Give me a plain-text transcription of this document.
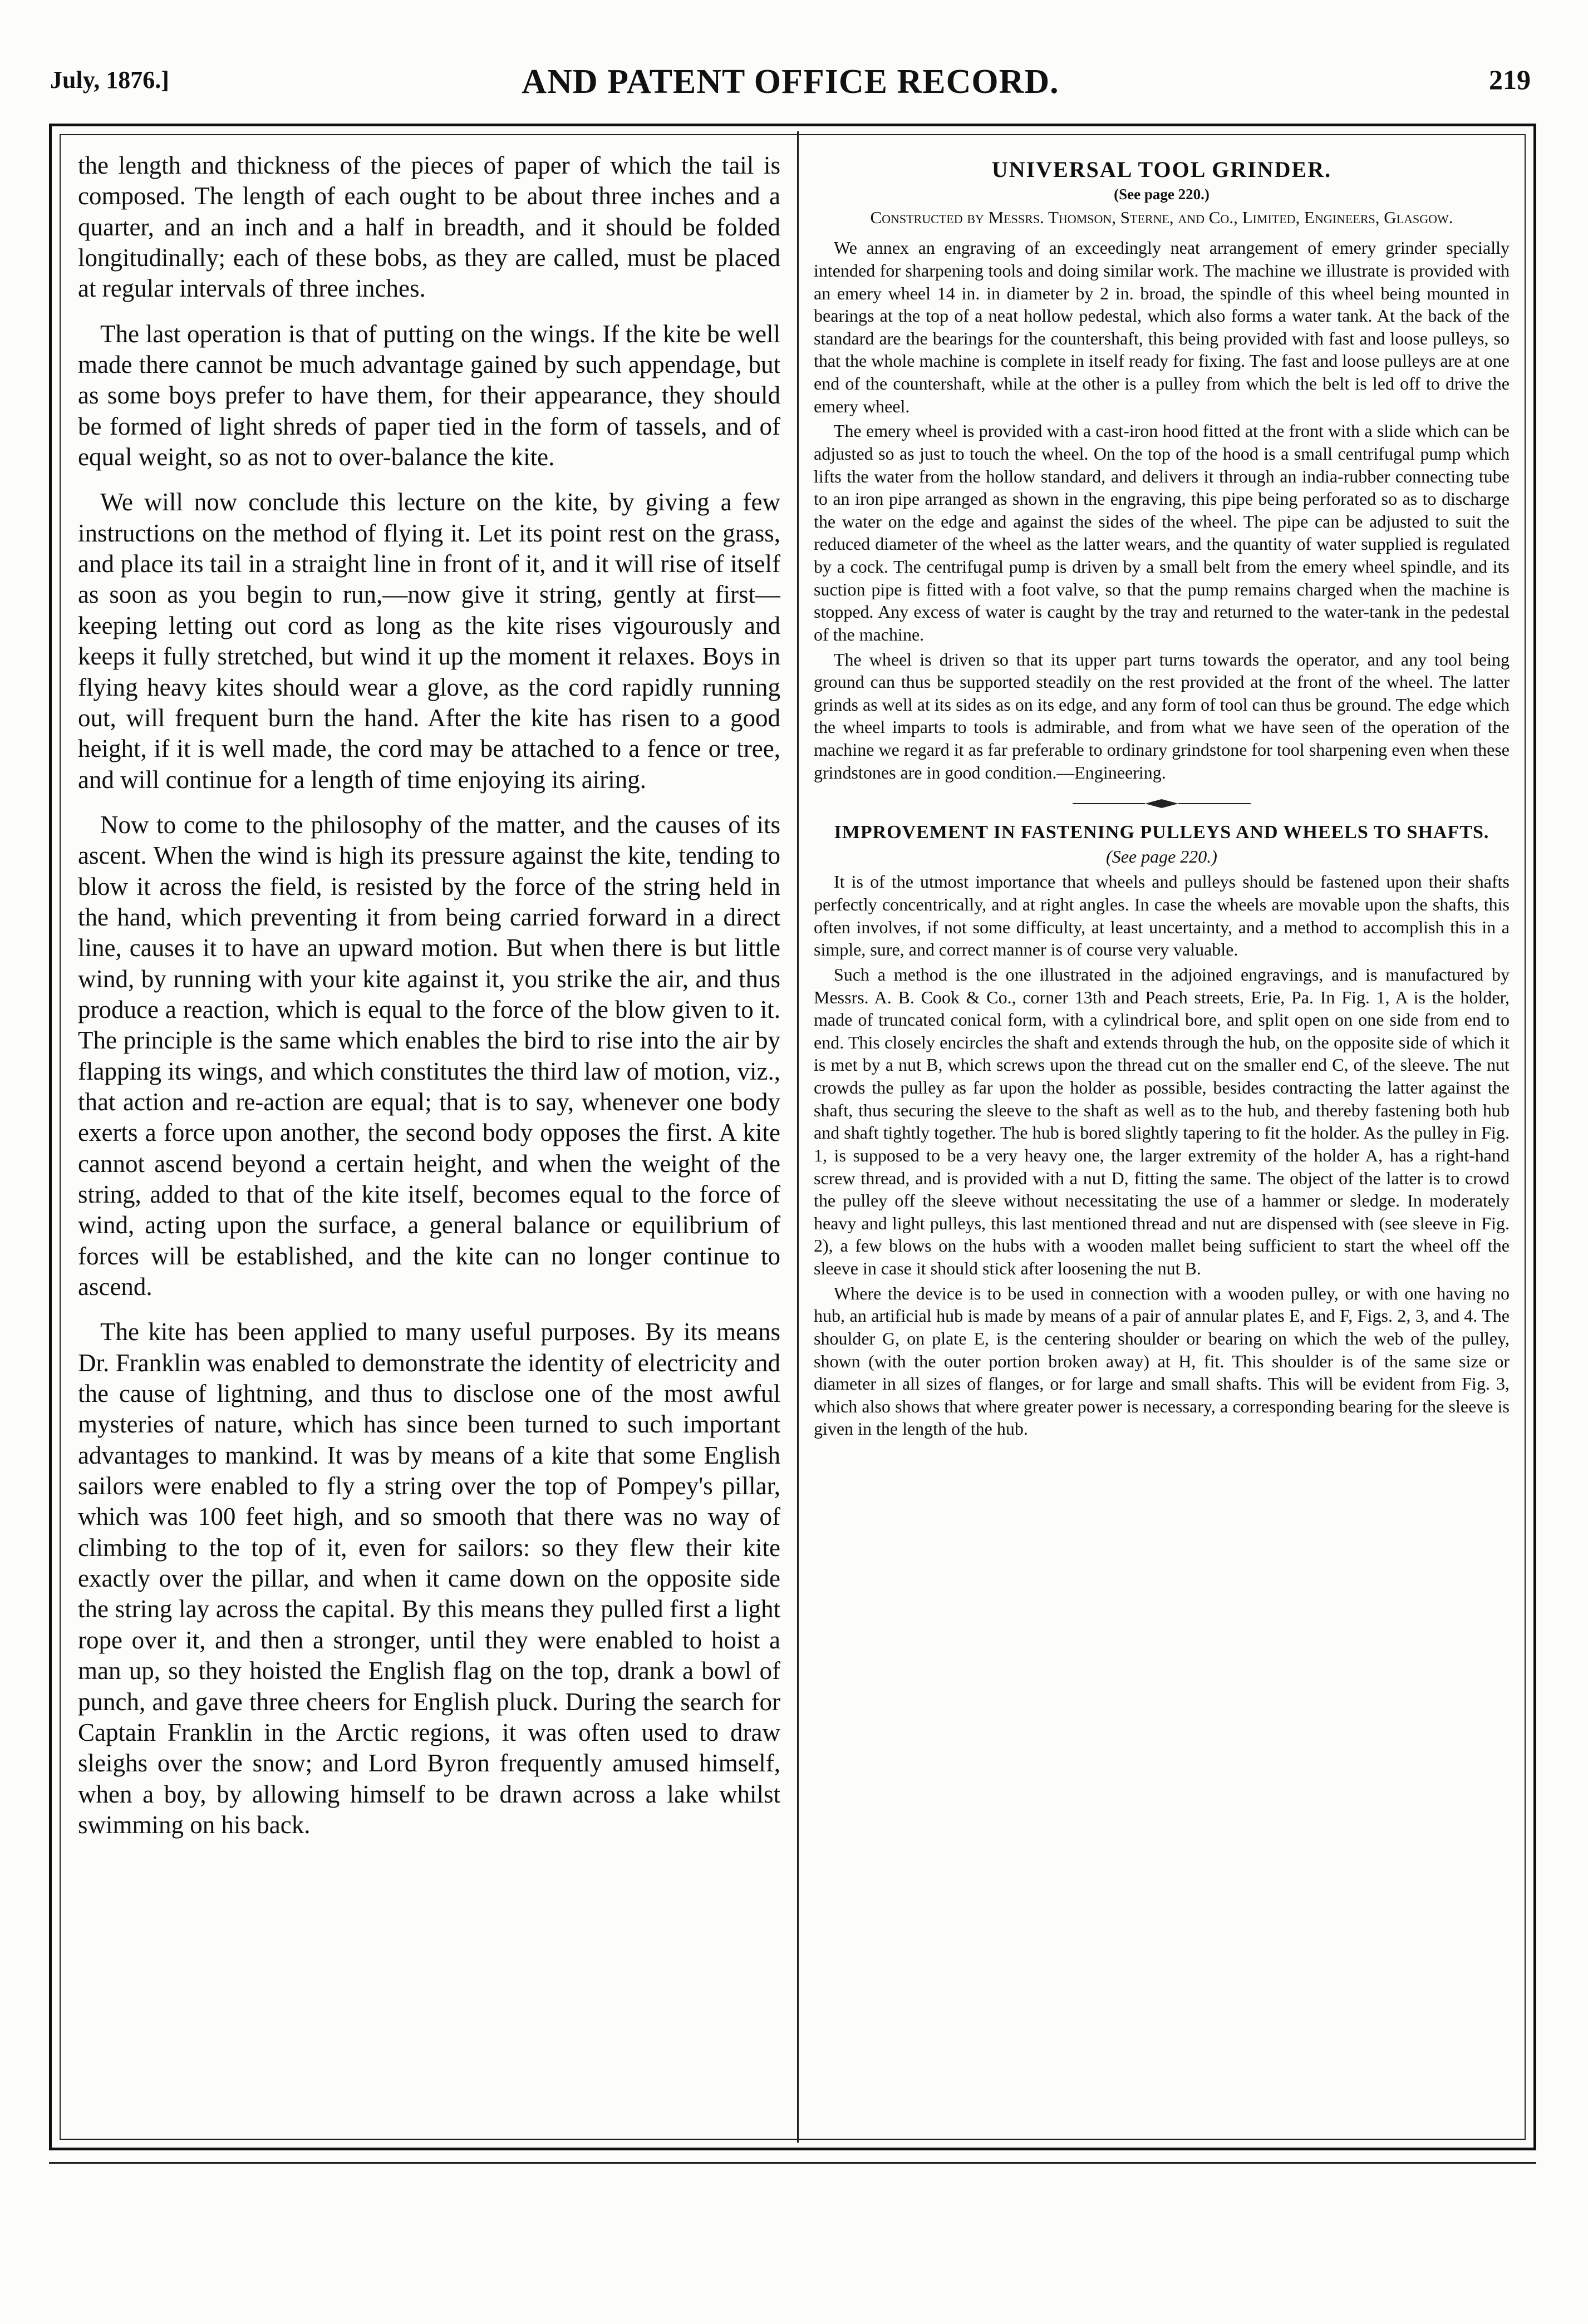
July, 1876.]	AND PATENT OFFICE RECORD.	219

the length and thickness of the pieces of paper of which the tail is composed. The length of each ought to be about three inches and a quarter, and an inch and a half in breadth, and it should be folded longitudinally; each of these bobs, as they are called, must be placed at regular intervals of three inches.

The last operation is that of putting on the wings. If the kite be well made there cannot be much advantage gained by such appendage, but as some boys prefer to have them, for their appearance, they should be formed of light shreds of paper tied in the form of tassels, and of equal weight, so as not to over-balance the kite.

We will now conclude this lecture on the kite, by giving a few instructions on the method of flying it. Let its point rest on the grass, and place its tail in a straight line in front of it, and it will rise of itself as soon as you begin to run,—now give it string, gently at first—keeping letting out cord as long as the kite rises vigourously and keeps it fully stretched, but wind it up the moment it relaxes. Boys in flying heavy kites should wear a glove, as the cord rapidly running out, will frequent burn the hand. After the kite has risen to a good height, if it is well made, the cord may be attached to a fence or tree, and will continue for a length of time enjoying its airing.

Now to come to the philosophy of the matter, and the causes of its ascent. When the wind is high its pressure against the kite, tending to blow it across the field, is resisted by the force of the string held in the hand, which preventing it from being carried forward in a direct line, causes it to have an upward motion. But when there is but little wind, by running with your kite against it, you strike the air, and thus produce a reaction, which is equal to the force of the blow given to it. The principle is the same which enables the bird to rise into the air by flapping its wings, and which constitutes the third law of motion, viz., that action and re-action are equal; that is to say, whenever one body exerts a force upon another, the second body opposes the first. A kite cannot ascend beyond a certain height, and when the weight of the string, added to that of the kite itself, becomes equal to the force of wind, acting upon the surface, a general balance or equilibrium of forces will be established, and the kite can no longer continue to ascend.

The kite has been applied to many useful purposes. By its means Dr. Franklin was enabled to demonstrate the identity of electricity and the cause of lightning, and thus to disclose one of the most awful mysteries of nature, which has since been turned to such important advantages to mankind. It was by means of a kite that some English sailors were enabled to fly a string over the top of Pompey's pillar, which was 100 feet high, and so smooth that there was no way of climbing to the top of it, even for sailors: so they flew their kite exactly over the pillar, and when it came down on the opposite side the string lay across the capital. By this means they pulled first a light rope over it, and then a stronger, until they were enabled to hoist a man up, so they hoisted the English flag on the top, drank a bowl of punch, and gave three cheers for English pluck. During the search for Captain Franklin in the Arctic regions, it was often used to draw sleighs over the snow; and Lord Byron frequently amused himself, when a boy, by allowing himself to be drawn across a lake whilst swimming on his back.

UNIVERSAL TOOL GRINDER.
(See page 220.)
Constructed by Messrs. Thomson, Sterne, and Co., Limited, Engineers, Glasgow.

We annex an engraving of an exceedingly neat arrangement of emery grinder specially intended for sharpening tools and doing similar work. The machine we illustrate is provided with an emery wheel 14 in. in diameter by 2 in. broad, the spindle of this wheel being mounted in bearings at the top of a neat hollow pedestal, which also forms a water tank. At the back of the standard are the bearings for the countershaft, this being provided with fast and loose pulleys, so that the whole machine is complete in itself ready for fixing. The fast and loose pulleys are at one end of the countershaft, while at the other is a pulley from which the belt is led off to drive the emery wheel.

The emery wheel is provided with a cast-iron hood fitted at the front with a slide which can be adjusted so as just to touch the wheel. On the top of the hood is a small centrifugal pump which lifts the water from the hollow standard, and delivers it through an india-rubber connecting tube to an iron pipe arranged as shown in the engraving, this pipe being perforated so as to discharge the water on the edge and against the sides of the wheel. The pipe can be adjusted to suit the reduced diameter of the wheel as the latter wears, and the quantity of water supplied is regulated by a cock. The centrifugal pump is driven by a small belt from the emery wheel spindle, and its suction pipe is fitted with a foot valve, so that the pump remains charged when the machine is stopped. Any excess of water is caught by the tray and returned to the water-tank in the pedestal of the machine.

The wheel is driven so that its upper part turns towards the operator, and any tool being ground can thus be supported steadily on the rest provided at the front of the wheel. The latter grinds as well at its sides as on its edge, and any form of tool can thus be ground. The edge which the wheel imparts to tools is admirable, and from what we have seen of the operation of the machine we regard it as far preferable to ordinary grindstone for tool sharpening even when these grindstones are in good condition.—Engineering.

IMPROVEMENT IN FASTENING PULLEYS AND WHEELS TO SHAFTS.
(See page 220.)

It is of the utmost importance that wheels and pulleys should be fastened upon their shafts perfectly concentrically, and at right angles. In case the wheels are movable upon the shafts, this often involves, if not some difficulty, at least uncertainty, and a method to accomplish this in a simple, sure, and correct manner is of course very valuable.

Such a method is the one illustrated in the adjoined engravings, and is manufactured by Messrs. A. B. Cook & Co., corner 13th and Peach streets, Erie, Pa. In Fig. 1, A is the holder, made of truncated conical form, with a cylindrical bore, and split open on one side from end to end. This closely encircles the shaft and extends through the hub, on the opposite side of which it is met by a nut B, which screws upon the thread cut on the smaller end C, of the sleeve. The nut crowds the pulley as far upon the holder as possible, besides contracting the latter against the shaft, thus securing the sleeve to the shaft as well as to the hub, and thereby fastening both hub and shaft tightly together. The hub is bored slightly tapering to fit the holder. As the pulley in Fig. 1, is supposed to be a very heavy one, the larger extremity of the holder A, has a right-hand screw thread, and is provided with a nut D, fitting the same. The object of the latter is to crowd the pulley off the sleeve without necessitating the use of a hammer or sledge. In moderately heavy and light pulleys, this last mentioned thread and nut are dispensed with (see sleeve in Fig. 2), a few blows on the hubs with a wooden mallet being sufficient to start the wheel off the sleeve in case it should stick after loosening the nut B.

Where the device is to be used in connection with a wooden pulley, or with one having no hub, an artificial hub is made by means of a pair of annular plates E, and F, Figs. 2, 3, and 4. The shoulder G, on plate E, is the centering shoulder or bearing on which the web of the pulley, shown (with the outer portion broken away) at H, fit. This shoulder is of the same size or diameter in all sizes of flanges, or for large and small shafts. This will be evident from Fig. 3, which also shows that where greater power is necessary, a corresponding bearing for the sleeve is given in the length of the hub.
